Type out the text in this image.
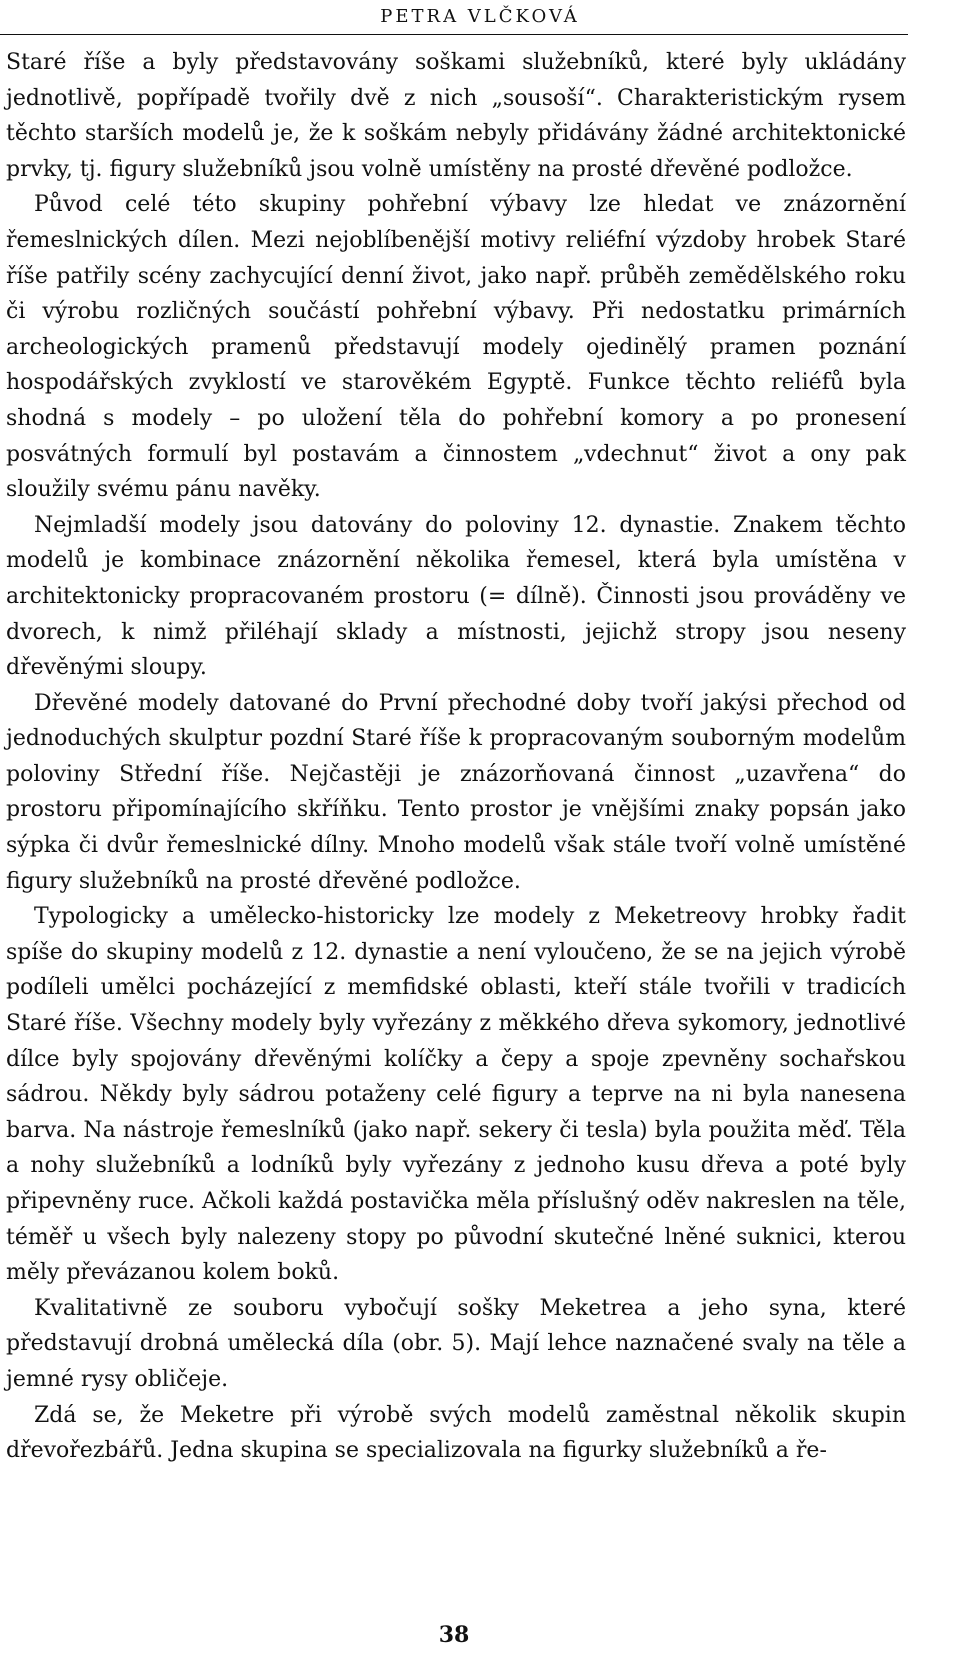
PETRA VLČKOVÁ

Staré říše a byly představovány soškami služebníků, které byly ukládány jednotlivě, popřípadě tvořily dvě z nich „sousoší“. Charakteristickým rysem těchto starších modelů je, že k soškám nebyly přidávány žádné architektonické prvky, tj. figury služebníků jsou volně umístěny na prosté dřevěné podložce.

Původ celé této skupiny pohřební výbavy lze hledat ve znázornění řemeslnických dílen. Mezi nejoblíbenější motivy reliéfní výzdoby hrobek Staré říše patřily scény zachycující denní život, jako např. průběh zemědělského roku či výrobu rozličných součástí pohřební výbavy. Při nedostatku primárních archeologických pramenů představují modely ojedinělý pramen poznání hospodářských zvyklostí ve starověkém Egyptě. Funkce těchto reliéfů byla shodná s modely – po uložení těla do pohřební komory a po pronesení posvátných formulí byl postavám a činnostem „vdechnut“ život a ony pak sloužily svému pánu navěky.

Nejmladší modely jsou datovány do poloviny 12. dynastie. Znakem těchto modelů je kombinace znázornění několika řemesel, která byla umístěna v architektonicky propracovaném prostoru (= dílně). Činnosti jsou prováděny ve dvorech, k nimž přiléhají sklady a místnosti, jejichž stropy jsou neseny dřevěnými sloupy.

Dřevěné modely datované do První přechodné doby tvoří jakýsi přechod od jednoduchých skulptur pozdní Staré říše k propracovaným souborným modelům poloviny Střední říše. Nejčastěji je znázorňovaná činnost „uzavřena“ do prostoru připomínajícího skříňku. Tento prostor je vnějšími znaky popsán jako sýpka či dvůr řemeslnické dílny. Mnoho modelů však stále tvoří volně umístěné figury služebníků na prosté dřevěné podložce.

Typologicky a umělecko-historicky lze modely z Meketreovy hrobky řadit spíše do skupiny modelů z 12. dynastie a není vyloučeno, že se na jejich výrobě podíleli umělci pocházející z memfidské oblasti, kteří stále tvořili v tradicích Staré říše. Všechny modely byly vyřezány z měkkého dřeva sykomory, jednotlivé dílce byly spojovány dřevěnými kolíčky a čepy a spoje zpevněny sochařskou sádrou. Někdy byly sádrou potaženy celé figury a teprve na ni byla nanesena barva. Na nástroje řemeslníků (jako např. sekery či tesla) byla použita měď. Těla a nohy služebníků a lodníků byly vyřezány z jednoho kusu dřeva a poté byly připevněny ruce. Ačkoli každá postavička měla příslušný oděv nakreslen na těle, téměř u všech byly nalezeny stopy po původní skutečné lněné suknici, kterou měly převázanou kolem boků.

Kvalitativně ze souboru vybočují sošky Meketrea a jeho syna, které představují drobná umělecká díla (obr. 5). Mají lehce naznačené svaly na těle a jemné rysy obličeje.

Zdá se, že Meketre při výrobě svých modelů zaměstnal několik skupin dřevořezbářů. Jedna skupina se specializovala na figurky služebníků a ře-

38
